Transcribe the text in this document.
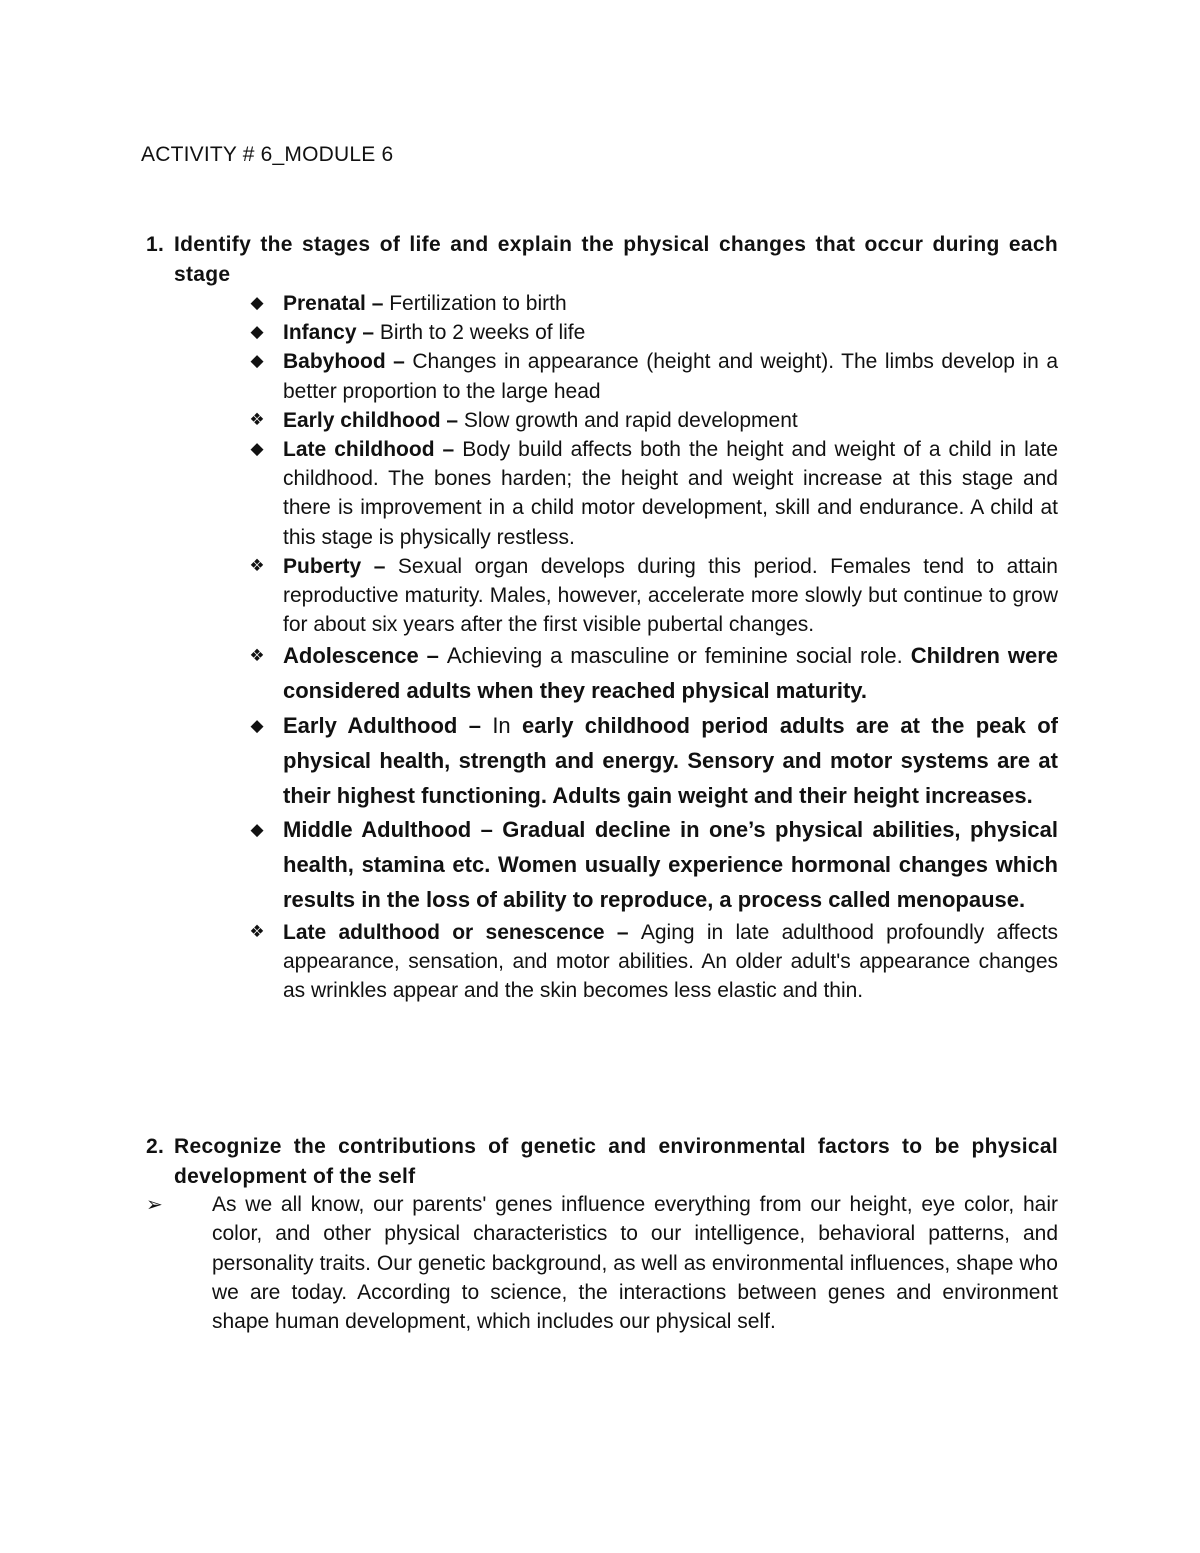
ACTIVITY # 6_MODULE 6
1. Identify the stages of life and explain the physical changes that occur during each stage
◆ Prenatal – Fertilization to birth
◆ Infancy – Birth to 2 weeks of life
◆ Babyhood – Changes in appearance (height and weight). The limbs develop in a better proportion to the large head
❖ Early childhood – Slow growth and rapid development
◆ Late childhood – Body build affects both the height and weight of a child in late childhood. The bones harden; the height and weight increase at this stage and there is improvement in a child motor development, skill and endurance. A child at this stage is physically restless.
❖ Puberty – Sexual organ develops during this period. Females tend to attain reproductive maturity. Males, however, accelerate more slowly but continue to grow for about six years after the first visible pubertal changes.
❖ Adolescence – Achieving a masculine or feminine social role. Children were considered adults when they reached physical maturity.
◆ Early Adulthood – In early childhood period adults are at the peak of physical health, strength and energy. Sensory and motor systems are at their highest functioning. Adults gain weight and their height increases.
◆ Middle Adulthood – Gradual decline in one’s physical abilities, physical health, stamina etc. Women usually experience hormonal changes which results in the loss of ability to reproduce, a process called menopause.
❖ Late adulthood or senescence – Aging in late adulthood profoundly affects appearance, sensation, and motor abilities. An older adult's appearance changes as wrinkles appear and the skin becomes less elastic and thin.
2. Recognize the contributions of genetic and environmental factors to be physical development of the self
➢	As we all know, our parents' genes influence everything from our height, eye color, hair color, and other physical characteristics to our intelligence, behavioral patterns, and personality traits. Our genetic background, as well as environmental influences, shape who we are today. According to science, the interactions between genes and environment shape human development, which includes our physical self.
